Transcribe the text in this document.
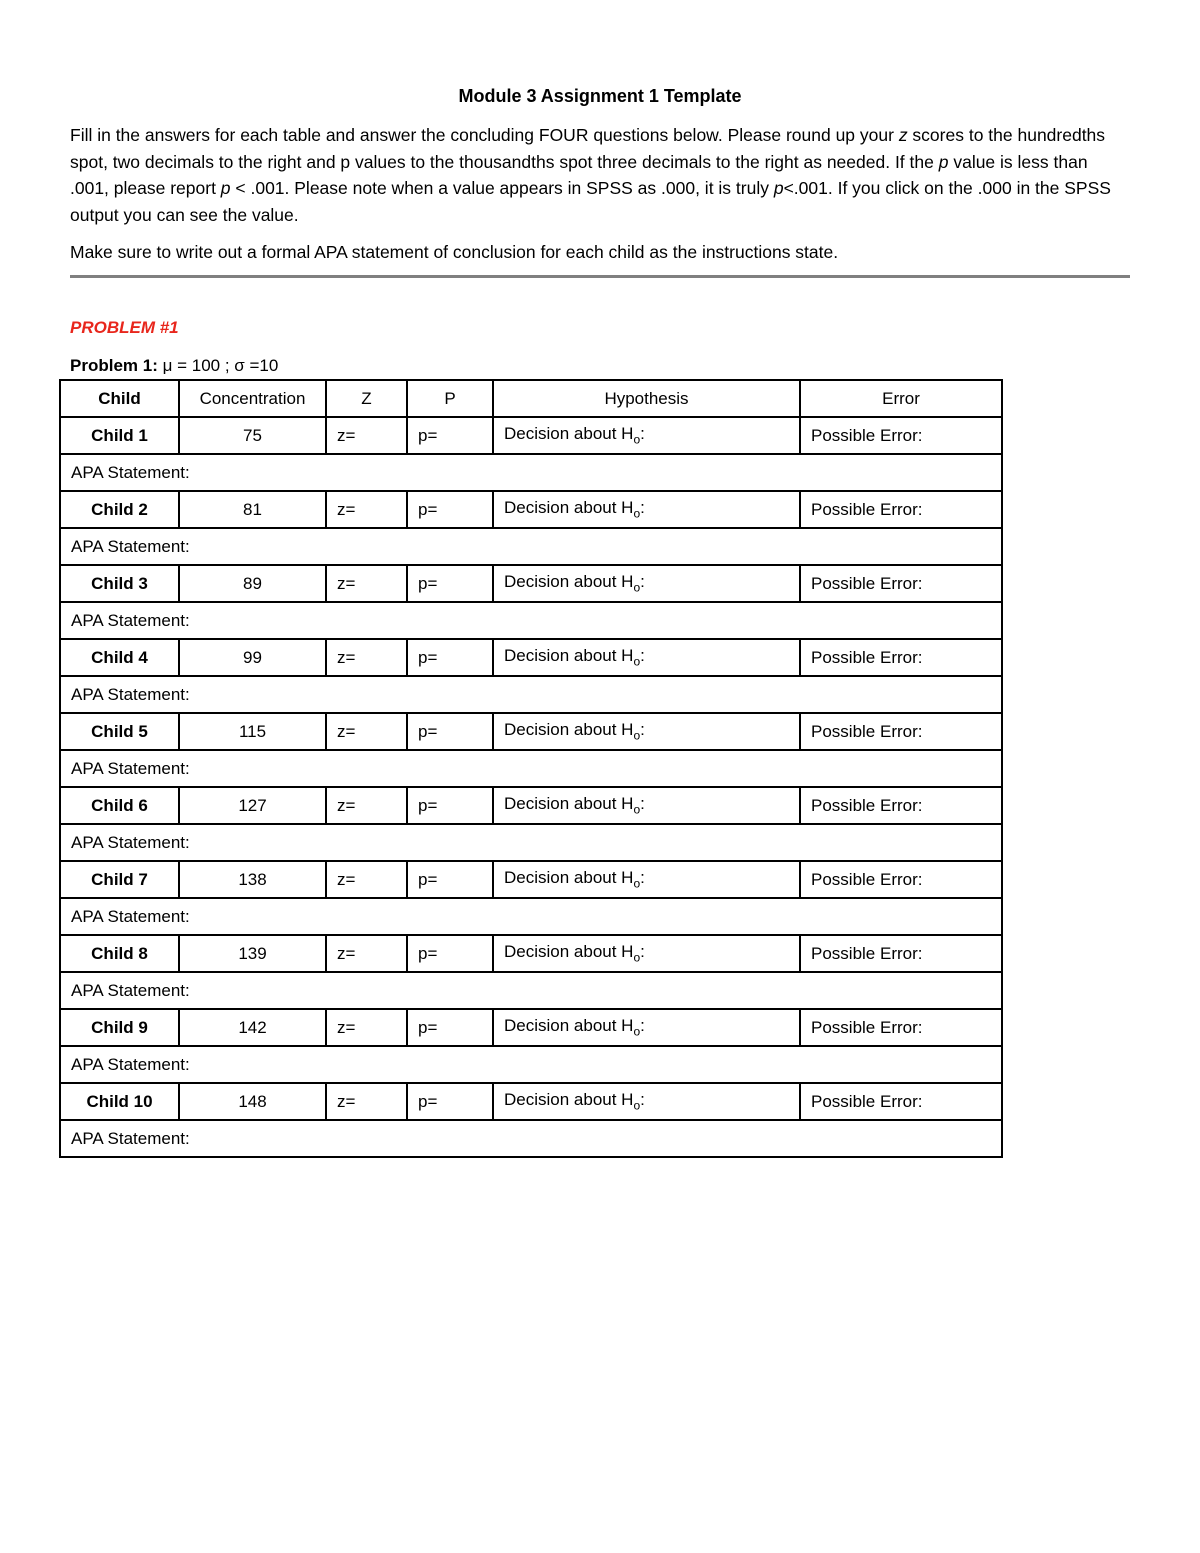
Module 3 Assignment 1 Template

Fill in the answers for each table and answer the concluding FOUR questions below. Please round up your z scores to the hundredths spot, two decimals to the right and p values to the thousandths spot three decimals to the right as needed. If the p value is less than .001, please report p < .001. Please note when a value appears in SPSS as .000, it is truly p<.001. If you click on the .000 in the SPSS output you can see the value.

Make sure to write out a formal APA statement of conclusion for each child as the instructions state.

PROBLEM #1
Problem 1: μ = 100 ; σ =10
Child	Concentration	Z	P	Hypothesis	Error
Child 1	75	z=	p=	Decision about $H_o$:	Possible Error:
APA Statement:					
Child 2	81	z=	p=	Decision about $H_o$:	Possible Error:
APA Statement:					
Child 3	89	z=	p=	Decision about $H_o$:	Possible Error:
APA Statement:					
Child 4	99	z=	p=	Decision about $H_o$:	Possible Error:
APA Statement:					
Child 5	115	z=	p=	Decision about $H_o$:	Possible Error:
APA Statement:					
Child 6	127	z=	p=	Decision about $H_o$:	Possible Error:
APA Statement:					
Child 7	138	z=	p=	Decision about $H_o$:	Possible Error:
APA Statement:					
Child 8	139	z=	p=	Decision about $H_o$:	Possible Error:
APA Statement:					
Child 9	142	z=	p=	Decision about $H_o$:	Possible Error:
APA Statement:					
Child 10	148	z=	p=	Decision about $H_o$:	Possible Error:
APA Statement:					
